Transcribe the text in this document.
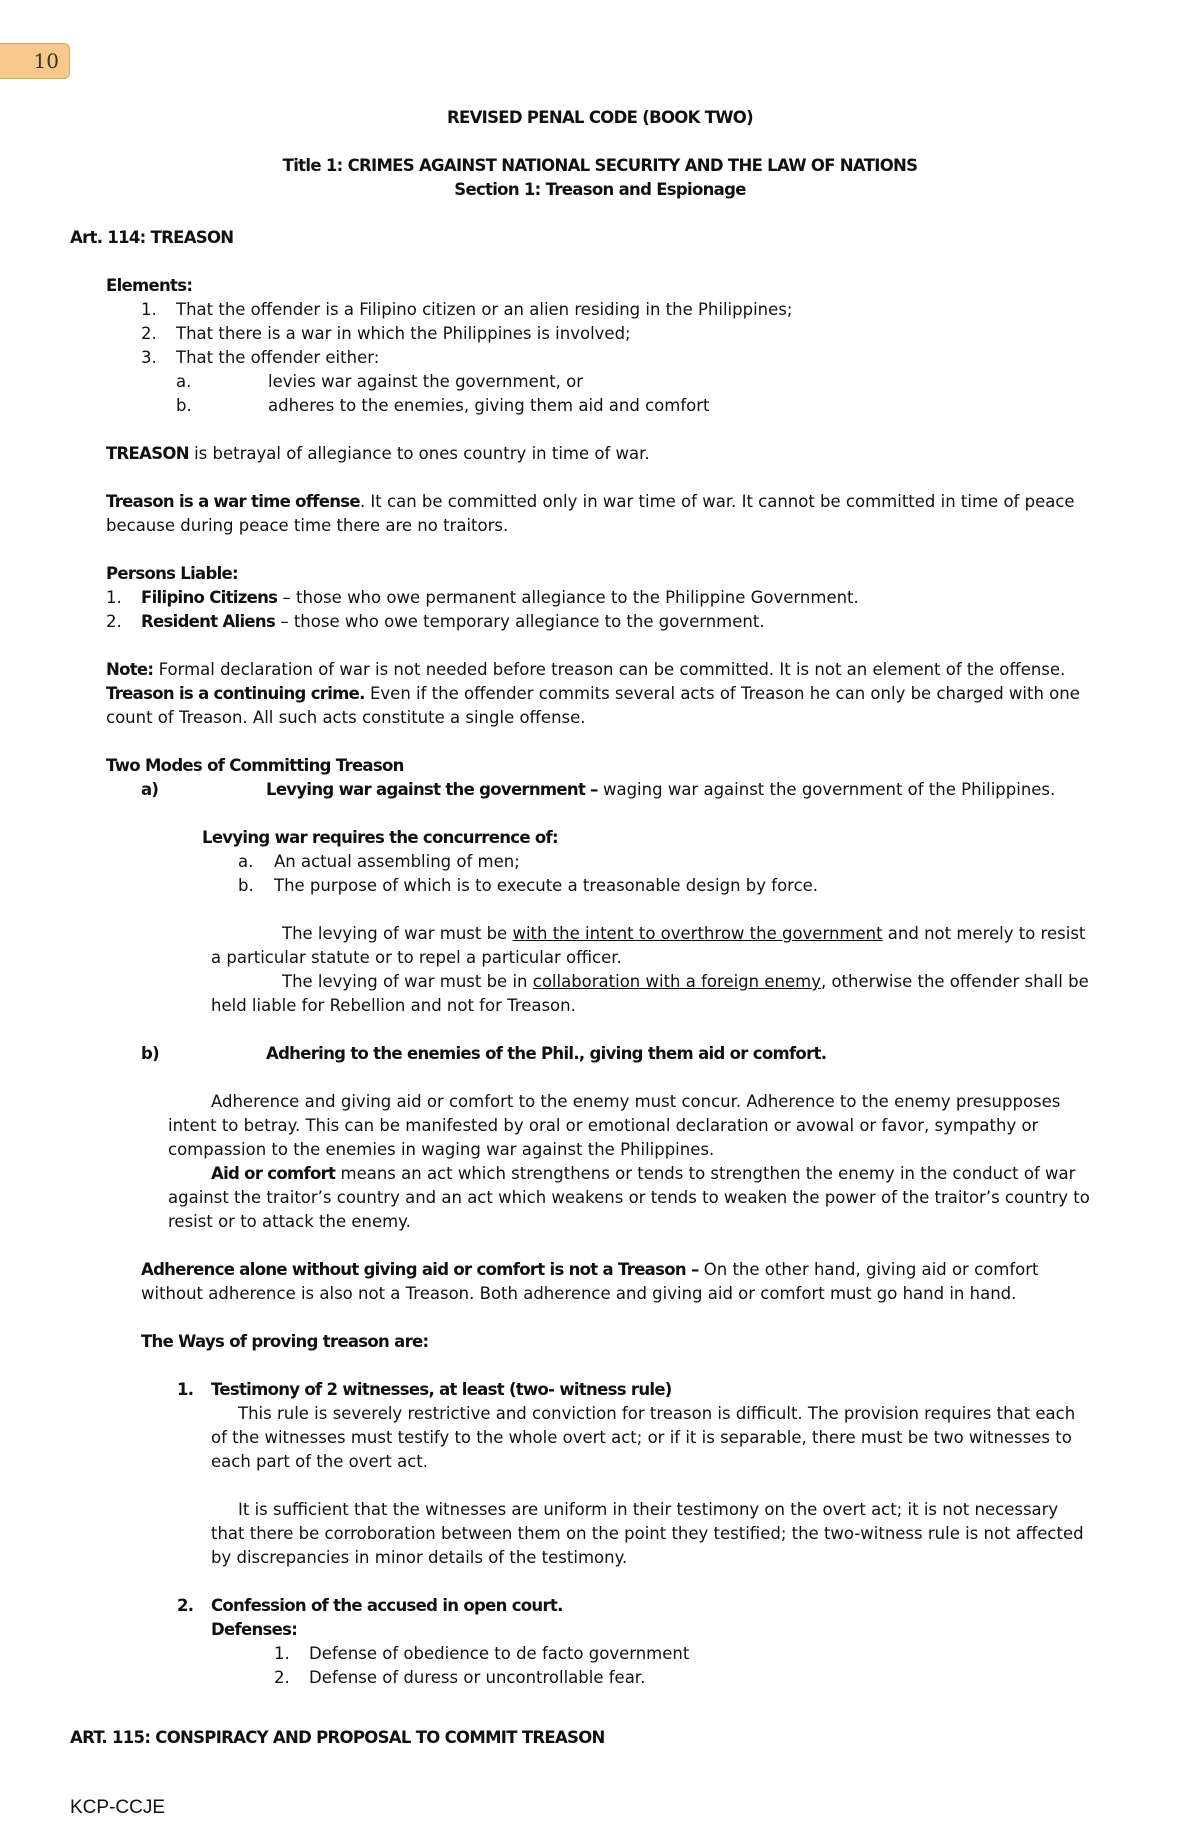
10
REVISED PENAL CODE (BOOK TWO)
Title 1: CRIMES AGAINST NATIONAL SECURITY AND THE LAW OF NATIONS
Section 1: Treason and Espionage
Art. 114: TREASON
Elements:
1. That the offender is a Filipino citizen or an alien residing in the Philippines;
2. That there is a war in which the Philippines is involved;
3. That the offender either:
a.	levies war against the government, or
b.	adheres to the enemies, giving them aid and comfort
TREASON is betrayal of allegiance to ones country in time of war.
Treason is a war time offense. It can be committed only in war time of war. It cannot be committed in time of peace
because during peace time there are no traitors.
Persons Liable:
1. Filipino Citizens – those who owe permanent allegiance to the Philippine Government.
2. Resident Aliens – those who owe temporary allegiance to the government.
Note: Formal declaration of war is not needed before treason can be committed. It is not an element of the offense.
Treason is a continuing crime. Even if the offender commits several acts of Treason he can only be charged with one
count of Treason. All such acts constitute a single offense.
Two Modes of Committing Treason
a)	Levying war against the government – waging war against the government of the Philippines.
Levying war requires the concurrence of:
a. An actual assembling of men;
b. The purpose of which is to execute a treasonable design by force.
The levying of war must be with the intent to overthrow the government and not merely to resist
a particular statute or to repel a particular officer.
The levying of war must be in collaboration with a foreign enemy, otherwise the offender shall be
held liable for Rebellion and not for Treason.
b)	Adhering to the enemies of the Phil., giving them aid or comfort.
Adherence and giving aid or comfort to the enemy must concur. Adherence to the enemy presupposes
intent to betray. This can be manifested by oral or emotional declaration or avowal or favor, sympathy or
compassion to the enemies in waging war against the Philippines.
Aid or comfort means an act which strengthens or tends to strengthen the enemy in the conduct of war
against the traitor’s country and an act which weakens or tends to weaken the power of the traitor’s country to
resist or to attack the enemy.
Adherence alone without giving aid or comfort is not a Treason – On the other hand, giving aid or comfort
without adherence is also not a Treason. Both adherence and giving aid or comfort must go hand in hand.
The Ways of proving treason are:
1. Testimony of 2 witnesses, at least (two- witness rule)
This rule is severely restrictive and conviction for treason is difficult. The provision requires that each
of the witnesses must testify to the whole overt act; or if it is separable, there must be two witnesses to
each part of the overt act.
It is sufficient that the witnesses are uniform in their testimony on the overt act; it is not necessary
that there be corroboration between them on the point they testified; the two-witness rule is not affected
by discrepancies in minor details of the testimony.
2. Confession of the accused in open court.
Defenses:
1. Defense of obedience to de facto government
2. Defense of duress or uncontrollable fear.
ART. 115: CONSPIRACY AND PROPOSAL TO COMMIT TREASON
KCP-CCJE
